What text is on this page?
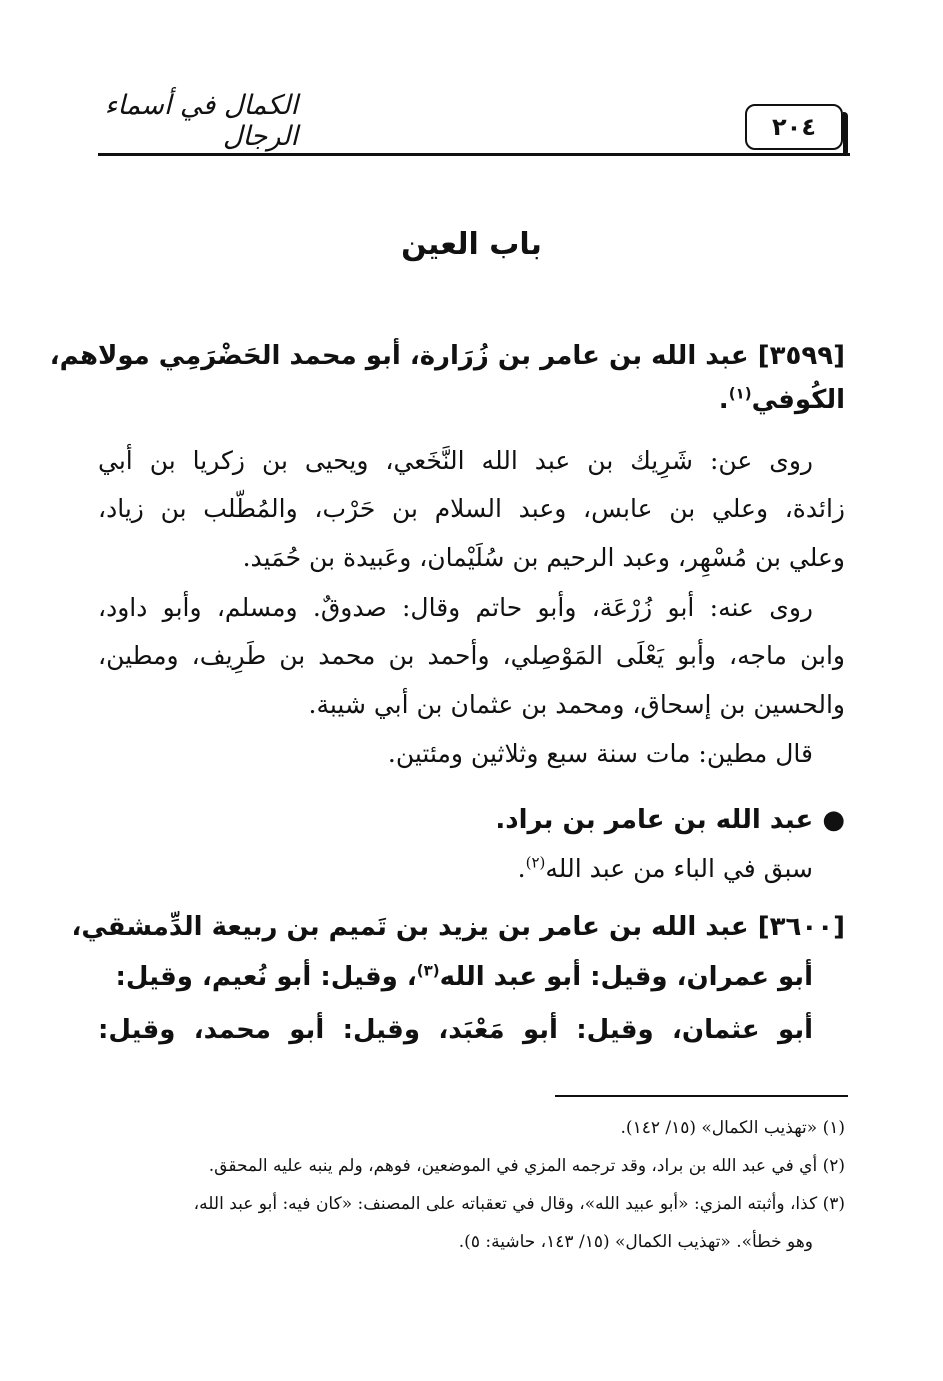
الكمال في أسماء الرجال	٢٠٤
باب العين
[٣٥٩٩] عبد الله بن عامر بن زُرَارة، أبو محمد الحَضْرَمِي مولاهم،
الكُوفي$^{(١)}$.
روى عن: شَرِيك بن عبد الله النَّخَعي، ويحيى بن زكريا بن أبي
زائدة، وعلي بن عابس، وعبد السلام بن حَرْب، والمُطّلب بن زياد،
وعلي بن مُسْهِر، وعبد الرحيم بن سُلَيْمان، وعَبيدة بن حُمَيد.
روى عنه: أبو زُرْعَة، وأبو حاتم وقال: صدوقٌ. ومسلم، وأبو داود،
وابن ماجه، وأبو يَعْلَى المَوْصِلي، وأحمد بن محمد بن طَرِيف، ومطين،
والحسين بن إسحاق، ومحمد بن عثمان بن أبي شيبة.
قال مطين: مات سنة سبع وثلاثين ومئتين.
● عبد الله بن عامر بن براد.
سبق في الباء من عبد الله$^{(٢)}$.
[٣٦٠٠] عبد الله بن عامر بن يزيد بن تَميم بن ربيعة الدِّمشقي،
أبو عمران، وقيل: أبو عبد الله$^{(٣)}$، وقيل: أبو نُعيم، وقيل:
أبو عثمان، وقيل: أبو مَعْبَد، وقيل: أبو محمد، وقيل:
(١) «تهذيب الكمال» (١٥/ ١٤٢).
(٢) أي في عبد الله بن براد، وقد ترجمه المزي في الموضعين، فوهم، ولم ينبه عليه المحقق.
(٣) كذا، وأثبته المزي: «أبو عبيد الله»، وقال في تعقباته على المصنف: «كان فيه: أبو عبد الله،
وهو خطأ». «تهذيب الكمال» (١٥/ ١٤٣، حاشية: ٥).
